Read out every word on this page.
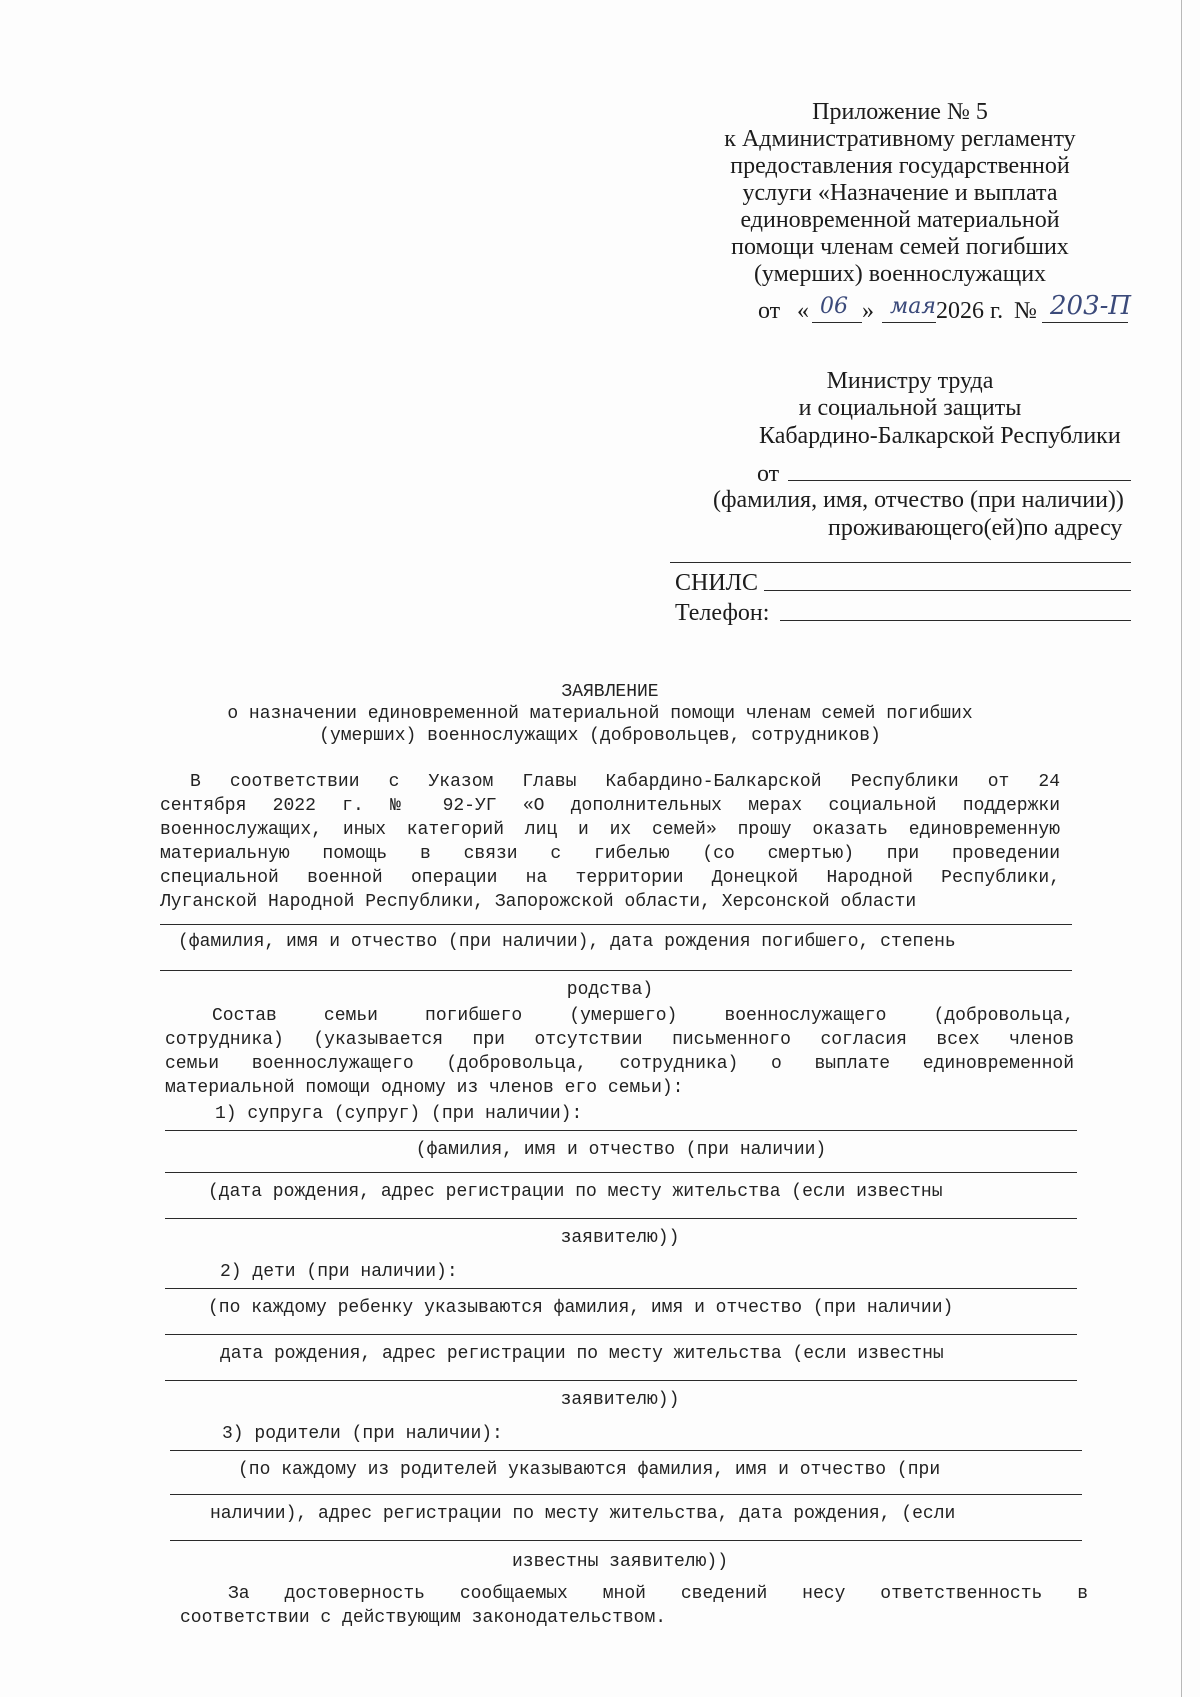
Приложение № 5
к Административному регламенту
предоставления государственной
услуги «Назначение и выплата
единовременной материальной
помощи членам семей погибших
(умерших) военнослужащих
от « 06 » мая 2026 г. № 203-П
Министру труда
и социальной защиты
Кабардино-Балкарской Республики
от
(фамилия, имя, отчество (при наличии))
проживающего(ей)по адресу
СНИЛС
Телефон:
ЗАЯВЛЕНИЕ
о назначении единовременной материальной помощи членам семей погибших
(умерших) военнослужащих (добровольцев, сотрудников)
В соответствии с Указом Главы Кабардино-Балкарской Республики от 24
сентября 2022 г. № 92-УГ «О дополнительных мерах социальной поддержки
военнослужащих, иных категорий лиц и их семей» прошу оказать единовременную
материальную помощь в связи с гибелью (со смертью) при проведении
специальной военной операции на территории Донецкой Народной Республики,
Луганской Народной Республики, Запорожской области, Херсонской области
(фамилия, имя и отчество (при наличии), дата рождения погибшего, степень
родства)
Состав семьи погибшего (умершего) военнослужащего (добровольца,
сотрудника) (указывается при отсутствии письменного согласия всех членов
семьи военнослужащего (добровольца, сотрудника) о выплате единовременной
материальной помощи одному из членов его семьи):
1) супруга (супруг) (при наличии):
(фамилия, имя и отчество (при наличии)
(дата рождения, адрес регистрации по месту жительства (если известны
заявителю))
2) дети (при наличии):
(по каждому ребенку указываются фамилия, имя и отчество (при наличии)
дата рождения, адрес регистрации по месту жительства (если известны
заявителю))
3) родители (при наличии):
(по каждому из родителей указываются фамилия, имя и отчество (при
наличии), адрес регистрации по месту жительства, дата рождения, (если
известны заявителю))
За достоверность сообщаемых мной сведений несу ответственность в
соответствии с действующим законодательством.
